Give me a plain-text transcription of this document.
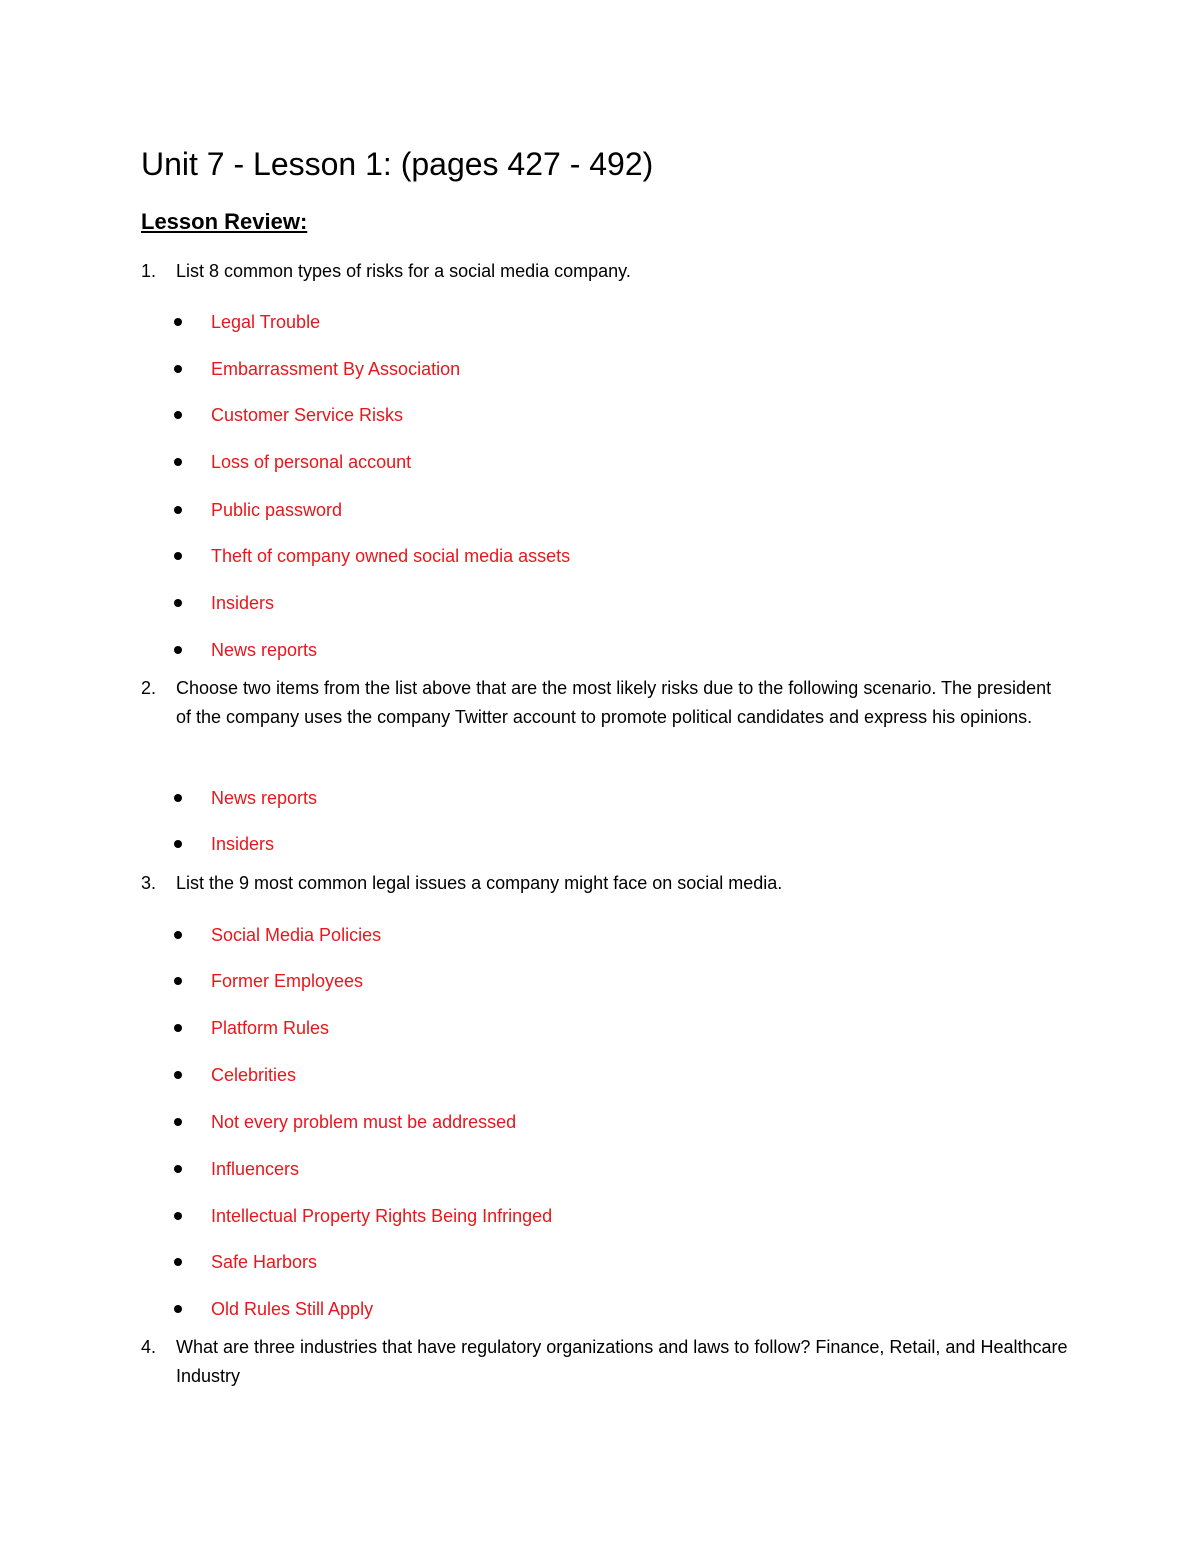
Unit 7 - Lesson 1: (pages 427 - 492)
Lesson Review:
1.	List 8 common types of risks for a social media company.
Legal Trouble
Embarrassment By Association
Customer Service Risks
Loss of personal account
Public password
Theft of company owned social media assets
Insiders
News reports
2.	Choose two items from the list above that are the most likely risks due to the following scenario. The president of the company uses the company Twitter account to promote political candidates and express his opinions.
News reports
Insiders
3.	List the 9 most common legal issues a company might face on social media.
Social Media Policies
Former Employees
Platform Rules
Celebrities
Not every problem must be addressed
Influencers
Intellectual Property Rights Being Infringed
Safe Harbors
Old Rules Still Apply
4.	What are three industries that have regulatory organizations and laws to follow? Finance, Retail, and Healthcare Industry
